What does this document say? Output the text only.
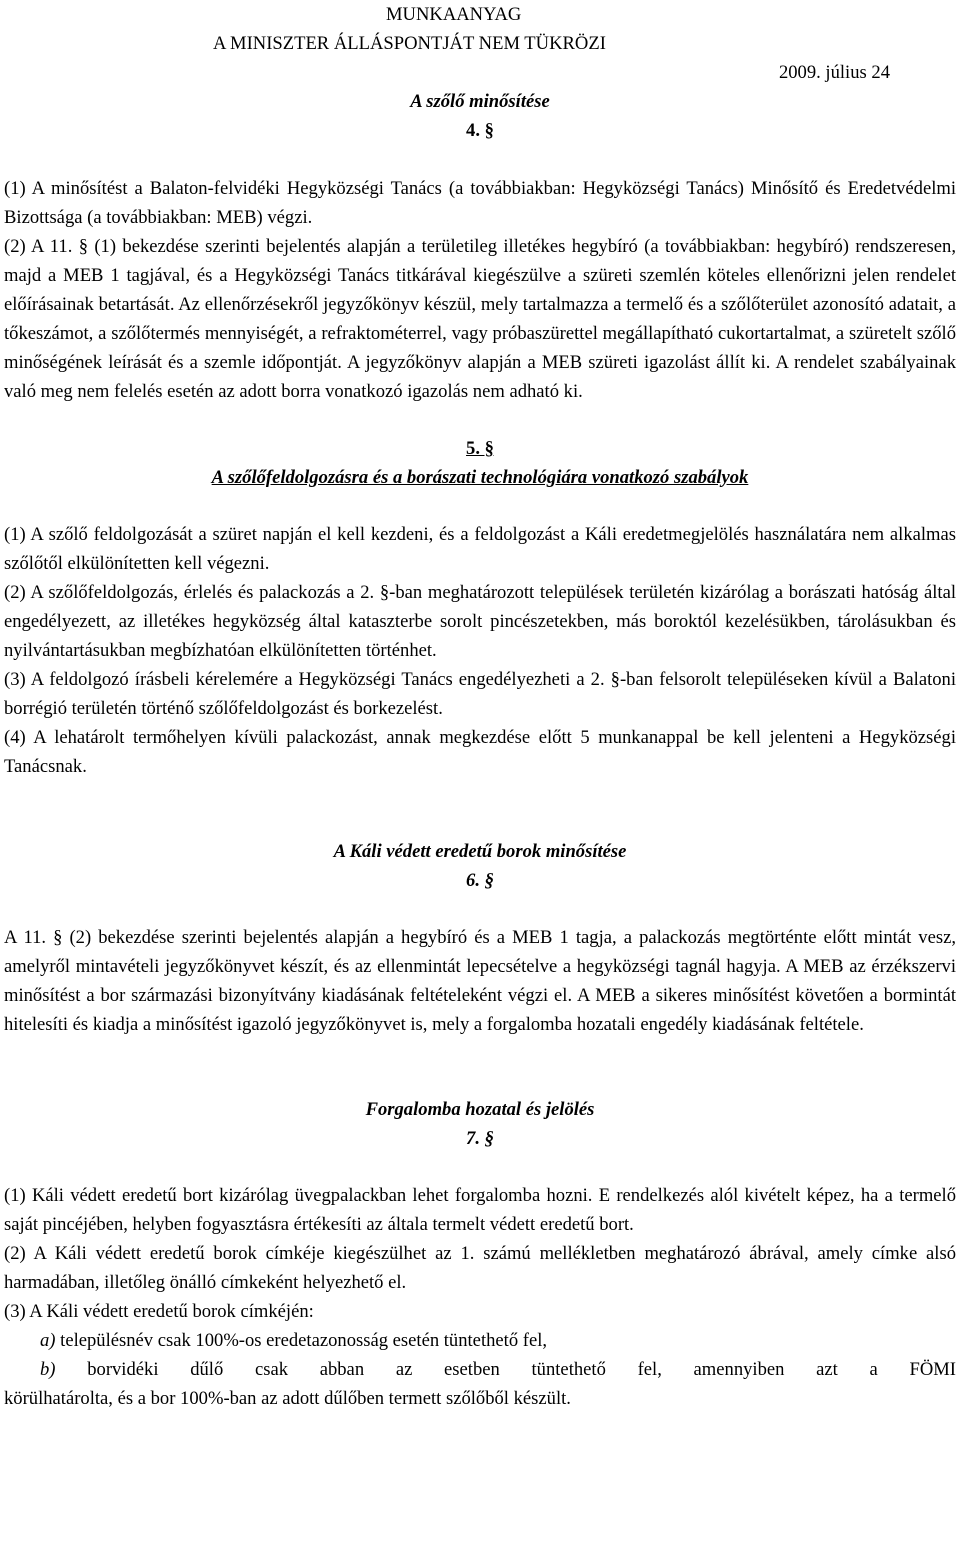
MUNKAANYAG
A MINISZTER ÁLLÁSPONTJÁT NEM TÜKRÖZI
2009. július 24
A szőlő minősítése
4. §

(1) A minősítést a Balaton-felvidéki Hegyközségi Tanács (a továbbiakban: Hegyközségi Tanács) Minősítő és Eredetvédelmi Bizottsága (a továbbiakban: MEB) végzi.

(2) A 11. § (1) bekezdése szerinti bejelentés alapján a területileg illetékes hegybíró (a továbbiakban: hegybíró) rendszeresen, majd a MEB 1 tagjával, és a Hegyközségi Tanács titkárával kiegészülve a szüreti szemlén köteles ellenőrizni jelen rendelet előírásainak betartását. Az ellenőrzésekről jegyzőkönyv készül, mely tartalmazza a termelő és a szőlőterület azonosító adatait, a tőkeszámot, a szőlőtermés mennyiségét, a refraktométerrel, vagy próbaszürettel megállapítható cukortartalmat, a szüretelt szőlő minőségének leírását és a szemle időpontját. A jegyzőkönyv alapján a MEB szüreti igazolást állít ki. A rendelet szabályainak való meg nem felelés esetén az adott borra vonatkozó igazolás nem adható ki.

5. §
A szőlőfeldolgozásra és a borászati technológiára vonatkozó szabályok

(1) A szőlő feldolgozását a szüret napján el kell kezdeni, és a feldolgozást a Káli eredetmegjelölés használatára nem alkalmas szőlőtől elkülönítetten kell végezni.

(2) A szőlőfeldolgozás, érlelés és palackozás a 2. §-ban meghatározott települések területén kizárólag a borászati hatóság által engedélyezett, az illetékes hegyközség által kataszterbe sorolt pincészetekben, más boroktól kezelésükben, tárolásukban és nyilvántartásukban megbízhatóan elkülönítetten történhet.

(3) A feldolgozó írásbeli kérelemére a Hegyközségi Tanács engedélyezheti a 2. §-ban felsorolt településeken kívül a Balatoni borrégió területén történő szőlőfeldolgozást és borkezelést.

(4) A lehatárolt termőhelyen kívüli palackozást, annak megkezdése előtt 5 munkanappal be kell jelenteni a Hegyközségi Tanácsnak.

A Káli védett eredetű borok minősítése
6. §

A 11. § (2) bekezdése szerinti bejelentés alapján a hegybíró és a MEB 1 tagja, a palackozás megtörténte előtt mintát vesz, amelyről mintavételi jegyzőkönyvet készít, és az ellenmintát lepecsételve a hegyközségi tagnál hagyja. A MEB az érzékszervi minősítést a bor származási bizonyítvány kiadásának feltételeként végzi el. A MEB a sikeres minősítést követően a bormintát hitelesíti és kiadja a minősítést igazoló jegyzőkönyvet is, mely a forgalomba hozatali engedély kiadásának feltétele.

Forgalomba hozatal és jelölés
7. §

(1) Káli védett eredetű bort kizárólag üvegpalackban lehet forgalomba hozni. E rendelkezés alól kivételt képez, ha a termelő saját pincéjében, helyben fogyasztásra értékesíti az általa termelt védett eredetű bort.

(2) A Káli védett eredetű borok címkéje kiegészülhet az 1. számú mellékletben meghatározó ábrával, amely címke alsó harmadában, illetőleg önálló címkeként helyezhető el.

(3) A Káli védett eredetű borok címkéjén:

a) településnév csak 100%-os eredetazonosság esetén tüntethető fel,

b) borvidéki dűlő csak abban az esetben tüntethető fel, amennyiben azt a FÖMI

körülhatárolta, és a bor 100%-ban az adott dűlőben termett szőlőből készült.
